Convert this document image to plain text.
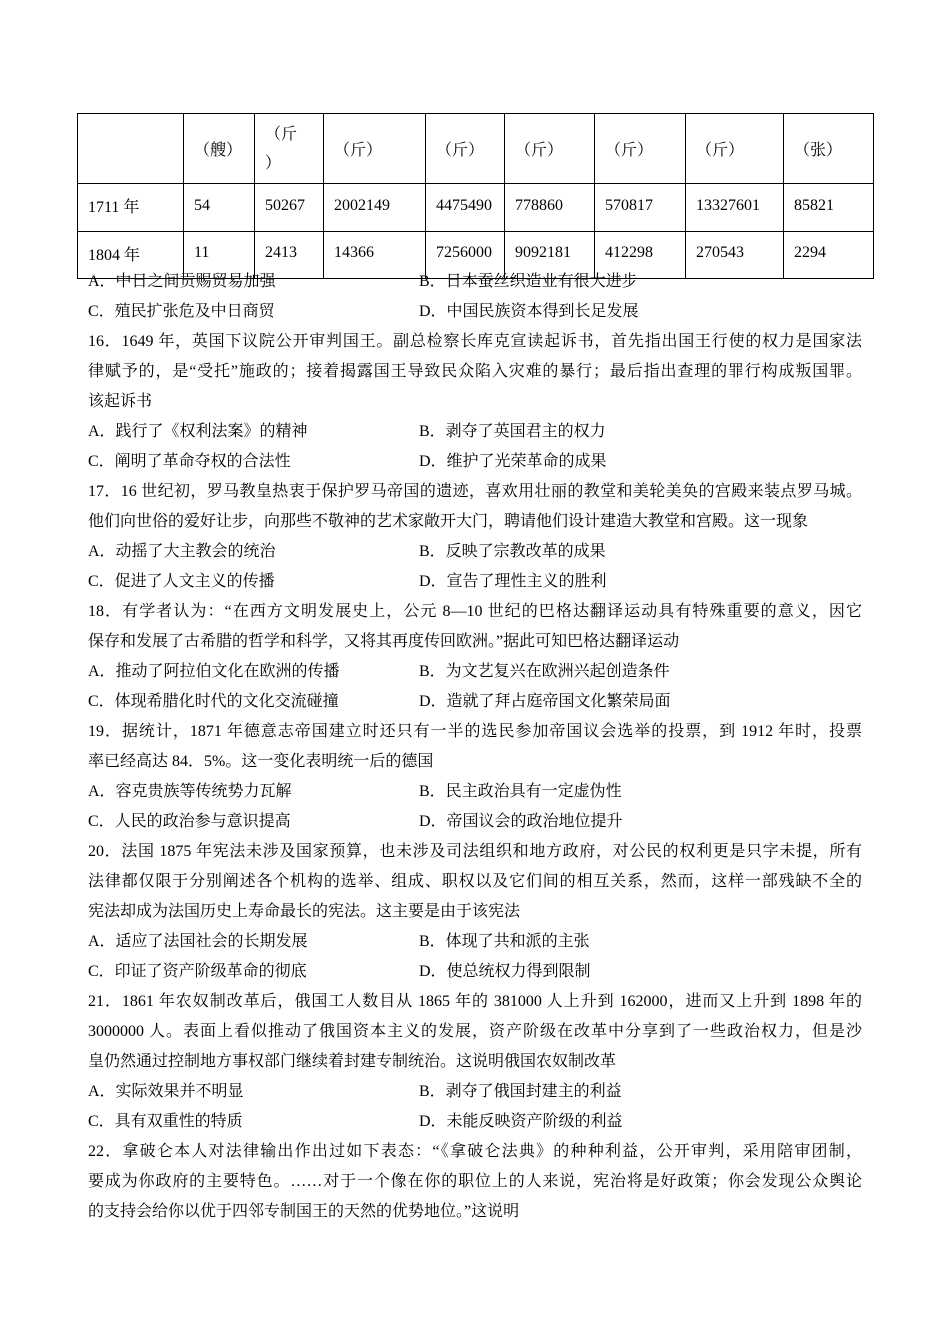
	（艘）	（斤）	（斤）	（斤）	（斤）	（斤）	（斤）	（张）
1711 年	54	50267	2002149	4475490	778860	570817	13327601	85821
1804 年	11	2413	14366	7256000	9092181	412298	270543	2294
A．中日之间贡赐贸易加强	B．日本蚕丝织造业有很大进步
C．殖民扩张危及中日商贸	D．中国民族资本得到长足发展
16．1649 年，英国下议院公开审判国王。副总检察长库克宣读起诉书，首先指出国王行使的权力是国家法
律赋予的，是“受托”施政的；接着揭露国王导致民众陷入灾难的暴行；最后指出查理的罪行构成叛国罪。
该起诉书
A．践行了《权利法案》的精神	B．剥夺了英国君主的权力
C．阐明了革命夺权的合法性	D．维护了光荣革命的成果
17．16 世纪初，罗马教皇热衷于保护罗马帝国的遗迹，喜欢用壮丽的教堂和美轮美奂的宫殿来装点罗马城。
他们向世俗的爱好让步，向那些不敬神的艺术家敞开大门，聘请他们设计建造大教堂和宫殿。这一现象
A．动摇了大主教会的统治	B．反映了宗教改革的成果
C．促进了人文主义的传播	D．宣告了理性主义的胜利
18．有学者认为：“在西方文明发展史上，公元 8—10 世纪的巴格达翻译运动具有特殊重要的意义，因它
保存和发展了古希腊的哲学和科学，又将其再度传回欧洲。”据此可知巴格达翻译运动
A．推动了阿拉伯文化在欧洲的传播	B．为文艺复兴在欧洲兴起创造条件
C．体现希腊化时代的文化交流碰撞	D．造就了拜占庭帝国文化繁荣局面
19．据统计，1871 年德意志帝国建立时还只有一半的选民参加帝国议会选举的投票，到 1912 年时，投票
率已经高达 84．5%。这一变化表明统一后的德国
A．容克贵族等传统势力瓦解	B．民主政治具有一定虚伪性
C．人民的政治参与意识提高	D．帝国议会的政治地位提升
20．法国 1875 年宪法未涉及国家预算，也未涉及司法组织和地方政府，对公民的权利更是只字未提，所有
法律都仅限于分别阐述各个机构的选举、组成、职权以及它们间的相互关系，然而，这样一部残缺不全的
宪法却成为法国历史上寿命最长的宪法。这主要是由于该宪法
A．适应了法国社会的长期发展	B．体现了共和派的主张
C．印证了资产阶级革命的彻底	D．使总统权力得到限制
21．1861 年农奴制改革后，俄国工人数目从 1865 年的 381000 人上升到 162000，进而又上升到 1898 年的
3000000 人。表面上看似推动了俄国资本主义的发展，资产阶级在改革中分享到了一些政治权力，但是沙
皇仍然通过控制地方事权部门继续着封建专制统治。这说明俄国农奴制改革
A．实际效果并不明显	B．剥夺了俄国封建主的利益
C．具有双重性的特质	D．未能反映资产阶级的利益
22．拿破仑本人对法律输出作出过如下表态：“《拿破仑法典》的种种利益，公开审判，采用陪审团制，
要成为你政府的主要特色。……对于一个像在你的职位上的人来说，宪治将是好政策；你会发现公众舆论
的支持会给你以优于四邻专制国王的天然的优势地位。”这说明
